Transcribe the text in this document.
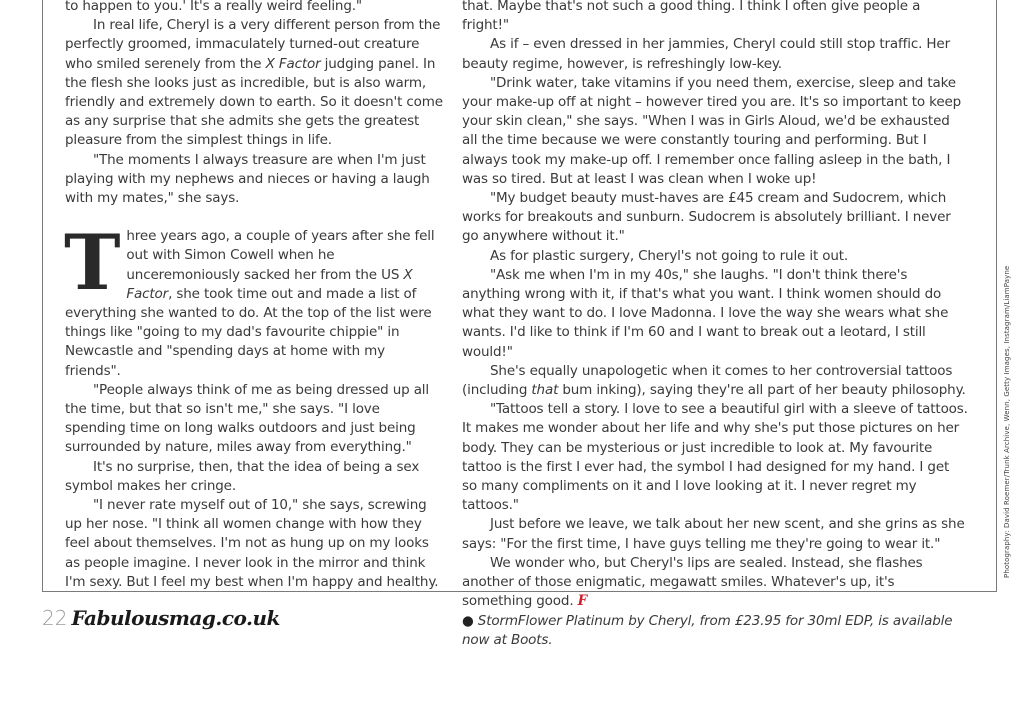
to happen to you.' It's a really weird feeling."

In real life, Cheryl is a very different person from the perfectly groomed, immaculately turned-out creature who smiled serenely from the X Factor judging panel. In the flesh she looks just as incredible, but is also warm, friendly and extremely down to earth. So it doesn't come as any surprise that she admits she gets the greatest pleasure from the simplest things in life.

"The moments I always treasure are when I'm just playing with my nephews and nieces or having a laugh with my mates," she says.

Three years ago, a couple of years after she fell out with Simon Cowell when he unceremoniously sacked her from the US X Factor, she took time out and made a list of everything she wanted to do. At the top of the list were things like "going to my dad's favourite chippie" in Newcastle and "spending days at home with my friends".

"People always think of me as being dressed up all the time, but that so isn't me," she says. "I love spending time on long walks outdoors and just being surrounded by nature, miles away from everything."

It's no surprise, then, that the idea of being a sex symbol makes her cringe.

"I never rate myself out of 10," she says, screwing up her nose. "I think all women change with how they feel about themselves. I'm not as hung up on my looks as people imagine. I never look in the mirror and think I'm sexy. But I feel my best when I'm happy and healthy.

that. Maybe that's not such a good thing. I think I often give people a fright!"

As if – even dressed in her jammies, Cheryl could still stop traffic. Her beauty regime, however, is refreshingly low-key.

"Drink water, take vitamins if you need them, exercise, sleep and take your make-up off at night – however tired you are. It's so important to keep your skin clean," she says. "When I was in Girls Aloud, we'd be exhausted all the time because we were constantly touring and performing. But I always took my make-up off. I remember once falling asleep in the bath, I was so tired. But at least I was clean when I woke up!

"My budget beauty must-haves are £45 cream and Sudocrem, which works for breakouts and sunburn. Sudocrem is absolutely brilliant. I never go anywhere without it."

As for plastic surgery, Cheryl's not going to rule it out.

"Ask me when I'm in my 40s," she laughs. "I don't think there's anything wrong with it, if that's what you want. I think women should do what they want to do. I love Madonna. I love the way she wears what she wants. I'd like to think if I'm 60 and I want to break out a leotard, I still would!"

She's equally unapologetic when it comes to her controversial tattoos (including that bum inking), saying they're all part of her beauty philosophy.

"Tattoos tell a story. I love to see a beautiful girl with a sleeve of tattoos. It makes me wonder about her life and why she's put those pictures on her body. They can be mysterious or just incredible to look at. My favourite tattoo is the first I ever had, the symbol I had designed for my hand. I get so many compliments on it and I love looking at it. I never regret my tattoos."

Just before we leave, we talk about her new scent, and she grins as she says: "For the first time, I have guys telling me they're going to wear it."

We wonder who, but Cheryl's lips are sealed. Instead, she flashes another of those enigmatic, megawatt smiles. Whatever's up, it's something good. F

● StormFlower Platinum by Cheryl, from £23.95 for 30ml EDP, is available now at Boots.

Photography: David Roemer/Trunk Archive, Wenn, Getty Images, Instagram/LiamPayne
22 Fabulousmag.co.uk
